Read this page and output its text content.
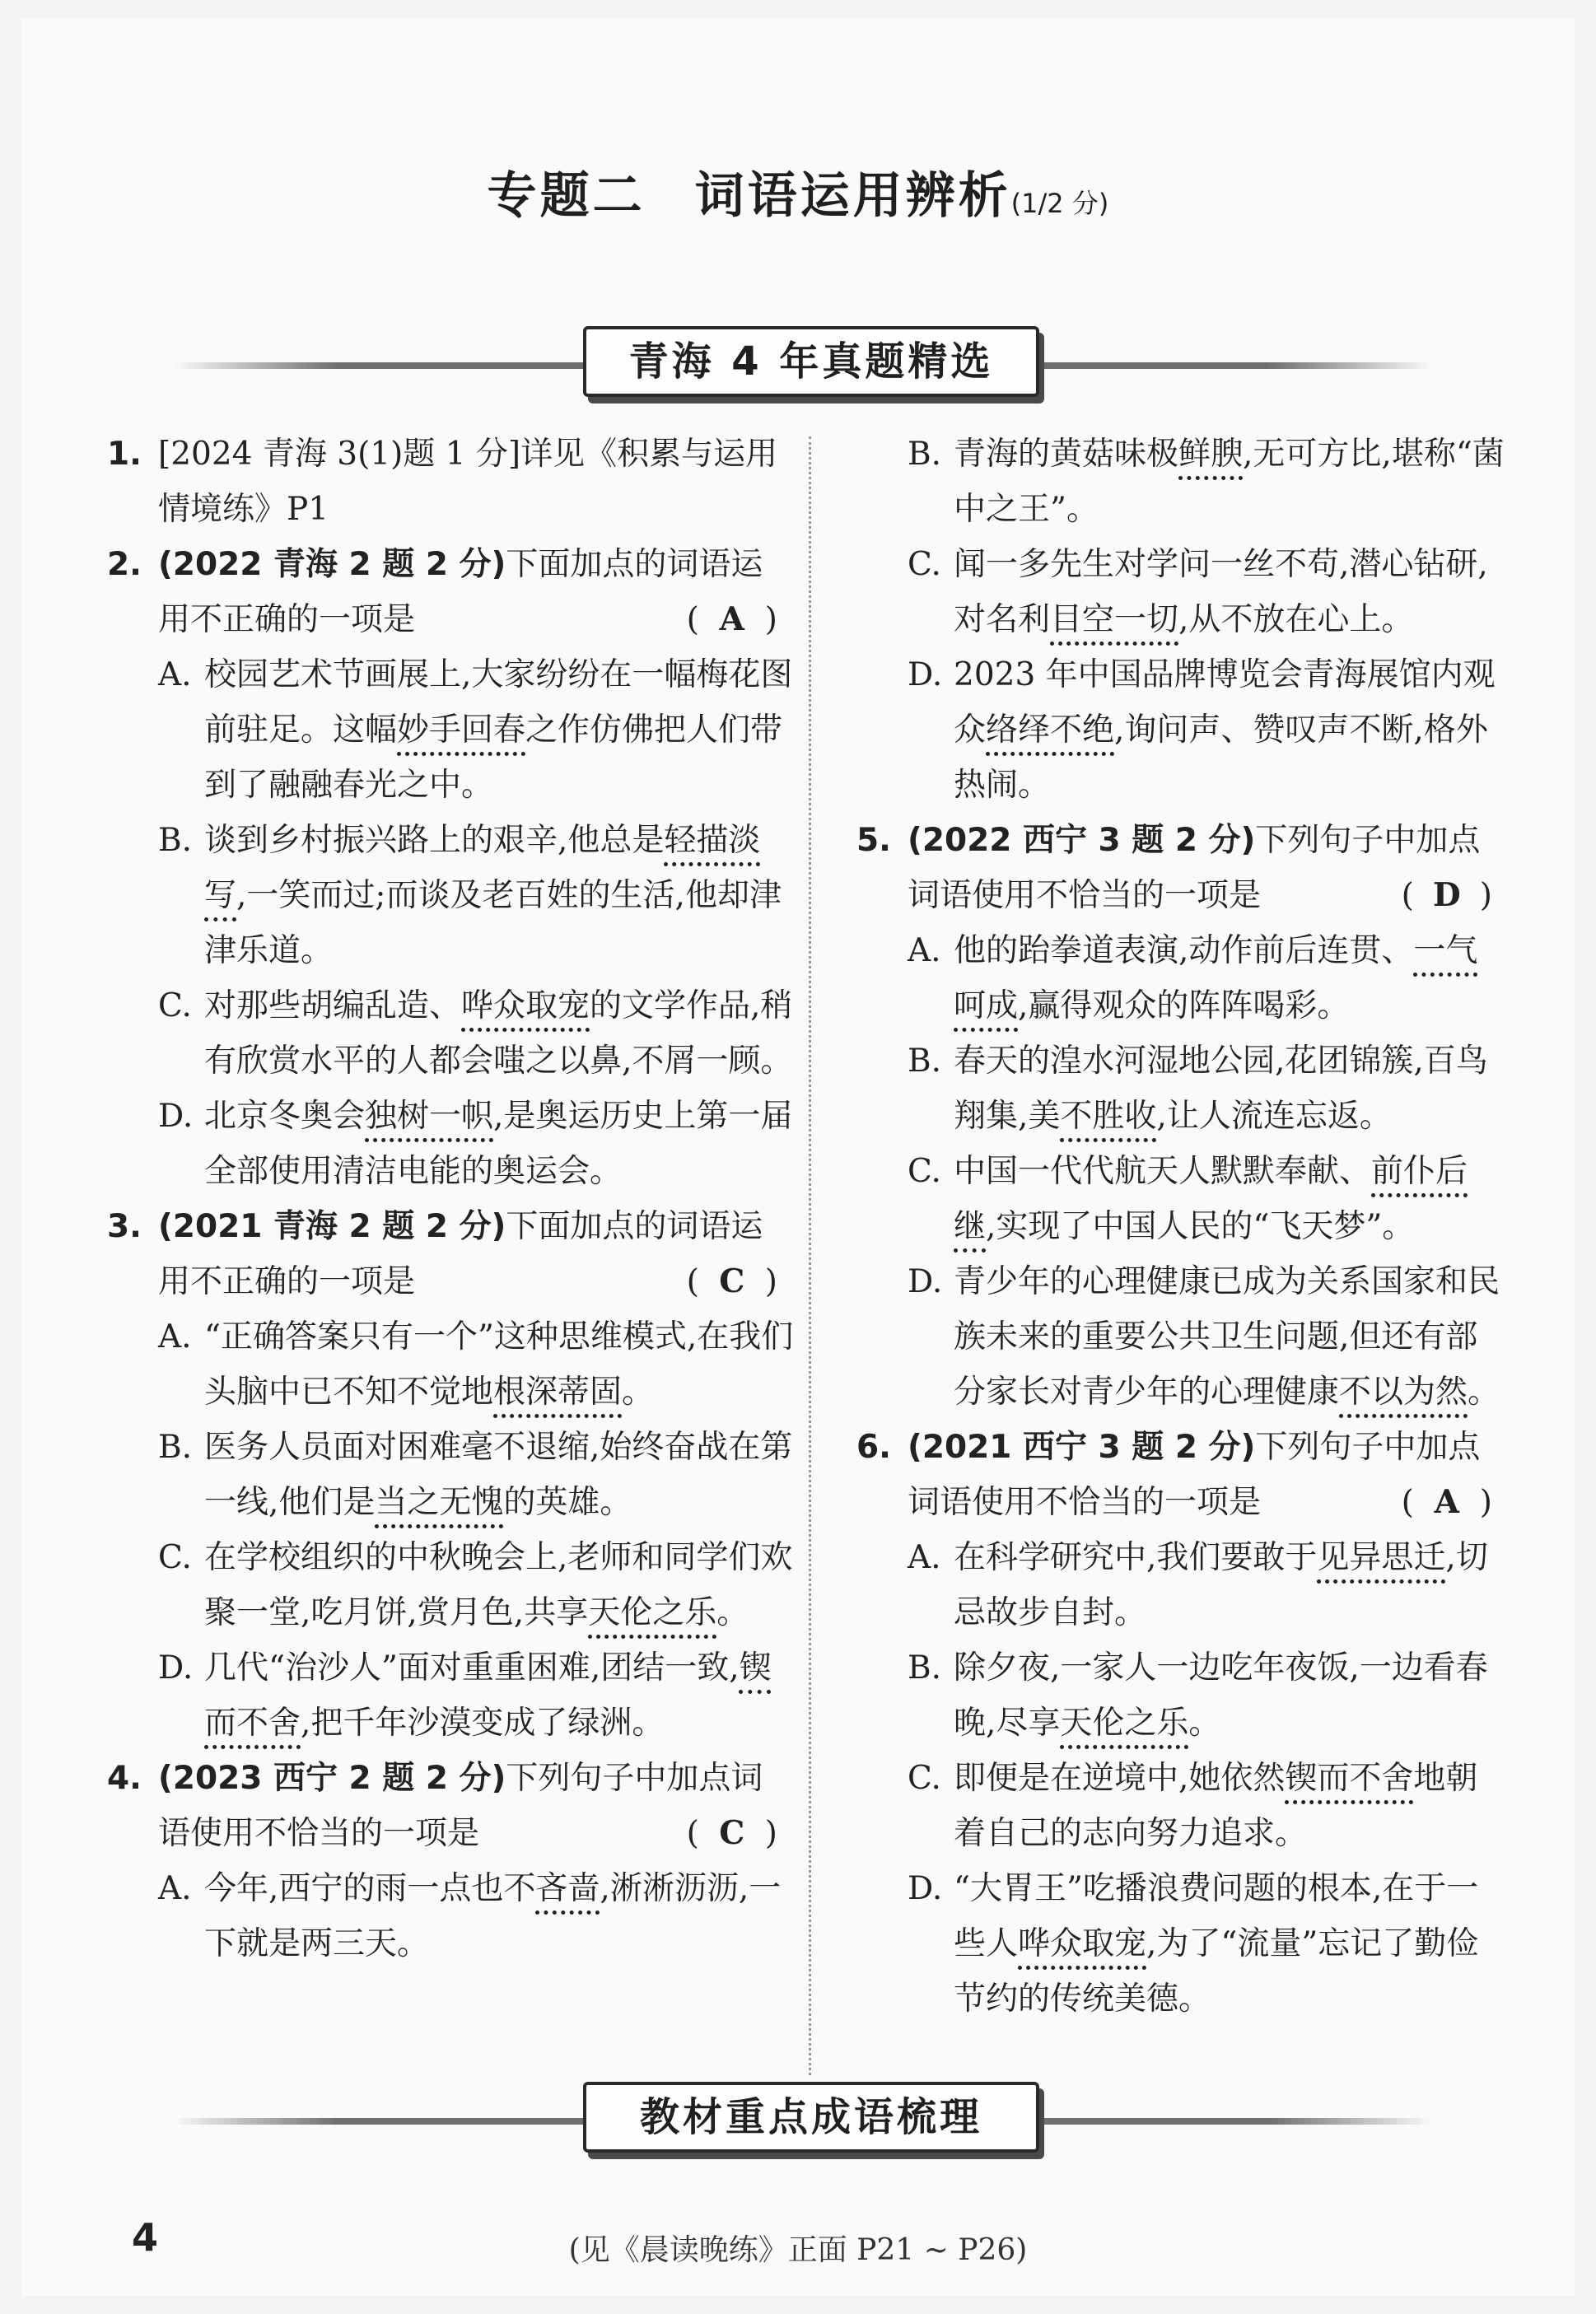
专题二 词语运用辨析(1/2 分)
青海 4 年真题精选
1. [2024 青海 3(1)题 1 分]详见《积累与运用情境练》P1
2. (2022 青海 2 题 2 分)下面加点的词语运用不正确的一项是	( A )
A. 校园艺术节画展上,大家纷纷在一幅梅花图前驻足。这幅妙手回春之作仿佛把人们带到了融融春光之中。
B. 谈到乡村振兴路上的艰辛,他总是轻描淡写,一笑而过;而谈及老百姓的生活,他却津津乐道。
C. 对那些胡编乱造、哗众取宠的文学作品,稍有欣赏水平的人都会嗤之以鼻,不屑一顾。
D. 北京冬奥会独树一帜,是奥运历史上第一届全部使用清洁电能的奥运会。
3. (2021 青海 2 题 2 分)下面加点的词语运用不正确的一项是	( C )
A. “正确答案只有一个”这种思维模式,在我们头脑中已不知不觉地根深蒂固。
B. 医务人员面对困难毫不退缩,始终奋战在第一线,他们是当之无愧的英雄。
C. 在学校组织的中秋晚会上,老师和同学们欢聚一堂,吃月饼,赏月色,共享天伦之乐。
D. 几代“治沙人”面对重重困难,团结一致,锲而不舍,把千年沙漠变成了绿洲。
4. (2023 西宁 2 题 2 分)下列句子中加点词语使用不恰当的一项是	( C )
A. 今年,西宁的雨一点也不吝啬,淅淅沥沥,一下就是两三天。
B. 青海的黄菇味极鲜腴,无可方比,堪称“菌中之王”。
C. 闻一多先生对学问一丝不苟,潜心钻研,对名利目空一切,从不放在心上。
D. 2023 年中国品牌博览会青海展馆内观众络绎不绝,询问声、赞叹声不断,格外热闹。
5. (2022 西宁 3 题 2 分)下列句子中加点词语使用不恰当的一项是	( D )
A. 他的跆拳道表演,动作前后连贯、一气呵成,赢得观众的阵阵喝彩。
B. 春天的湟水河湿地公园,花团锦簇,百鸟翔集,美不胜收,让人流连忘返。
C. 中国一代代航天人默默奉献、前仆后继,实现了中国人民的“飞天梦”。
D. 青少年的心理健康已成为关系国家和民族未来的重要公共卫生问题,但还有部分家长对青少年的心理健康不以为然。
6. (2021 西宁 3 题 2 分)下列句子中加点词语使用不恰当的一项是	( A )
A. 在科学研究中,我们要敢于见异思迁,切忌故步自封。
B. 除夕夜,一家人一边吃年夜饭,一边看春晚,尽享天伦之乐。
C. 即便是在逆境中,她依然锲而不舍地朝着自己的志向努力追求。
D. “大胃王”吃播浪费问题的根本,在于一些人哗众取宠,为了“流量”忘记了勤俭节约的传统美德。
教材重点成语梳理
(见《晨读晚练》正面 P21 ~ P26)
4
